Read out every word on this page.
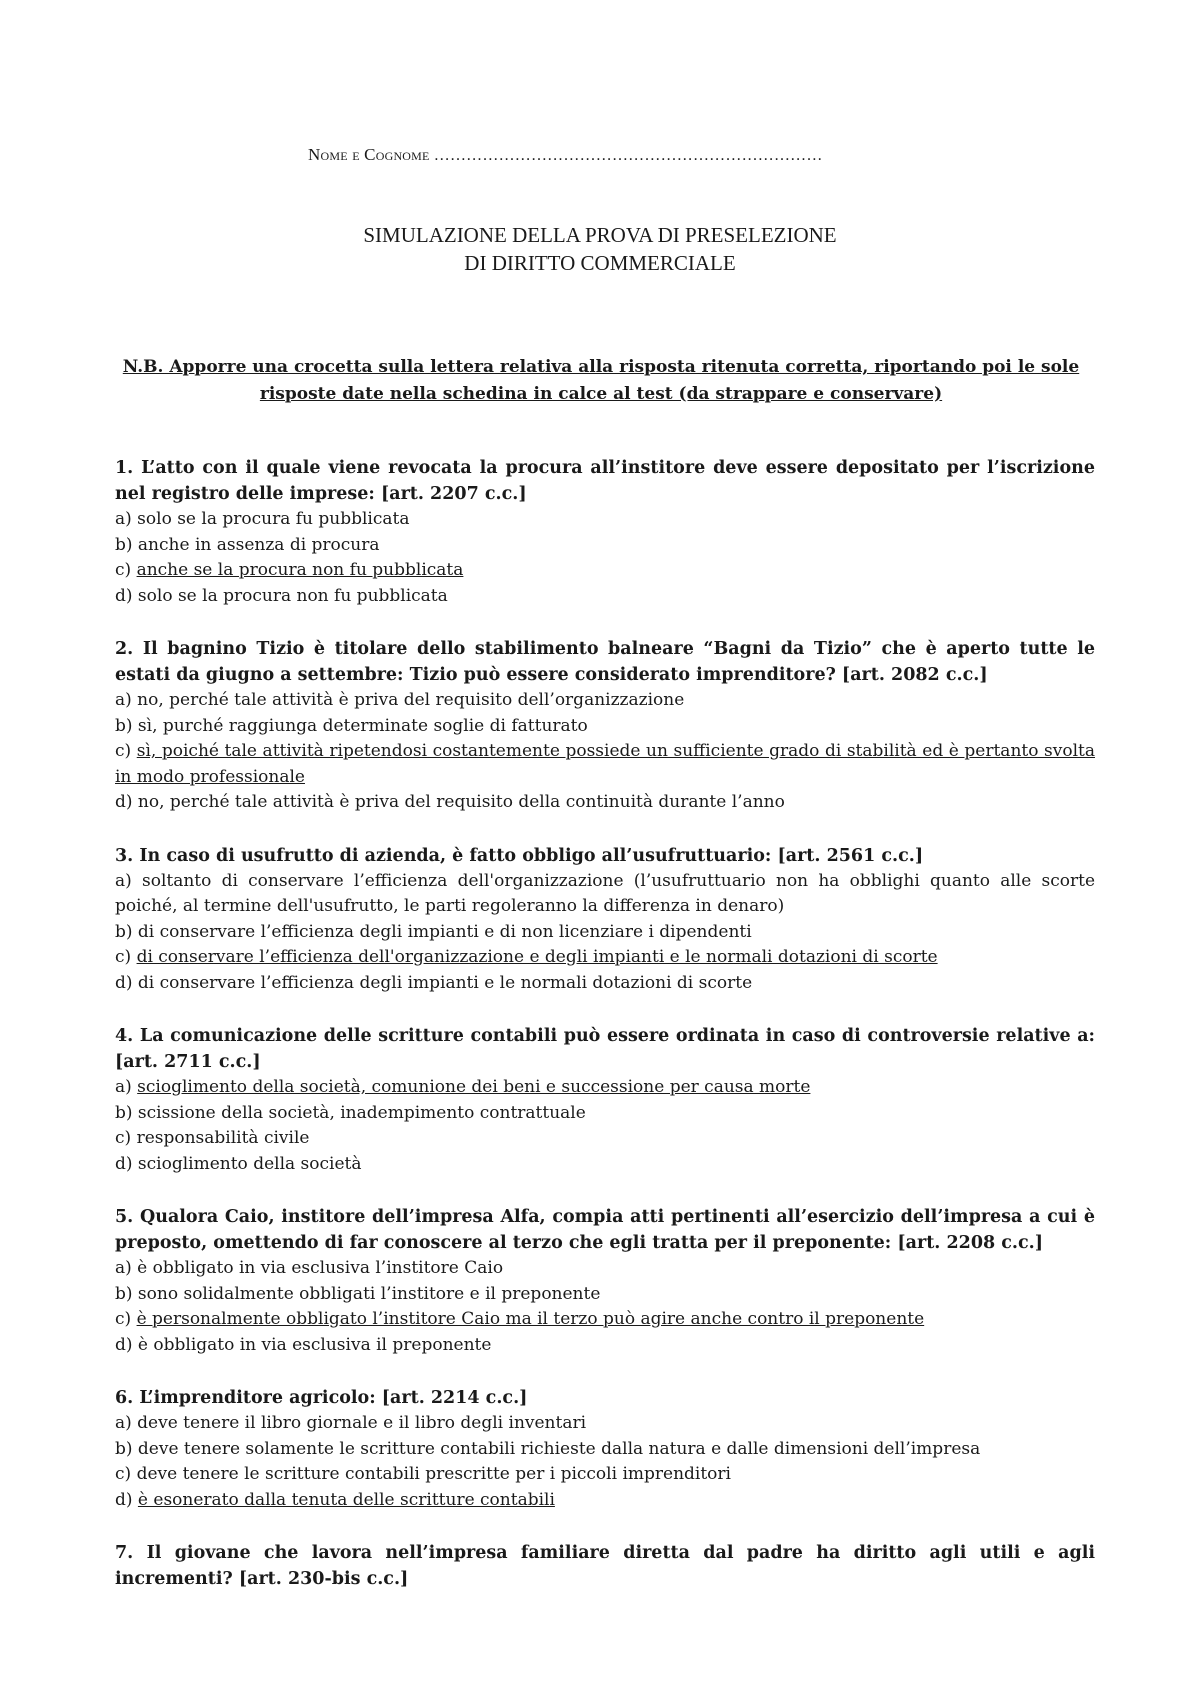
Nome e Cognome ………………………………………………………………
SIMULAZIONE DELLA PROVA DI PRESELEZIONE
DI DIRITTO COMMERCIALE
N.B. Apporre una crocetta sulla lettera relativa alla risposta ritenuta corretta, riportando poi le sole risposte date nella schedina in calce al test (da strappare e conservare)

1. L’atto con il quale viene revocata la procura all’institore deve essere depositato per l’iscrizione nel registro delle imprese: [art. 2207 c.c.]

a) solo se la procura fu pubblicata

b) anche in assenza di procura

c) anche se la procura non fu pubblicata

d) solo se la procura non fu pubblicata

2. Il bagnino Tizio è titolare dello stabilimento balneare “Bagni da Tizio” che è aperto tutte le estati da giugno a settembre: Tizio può essere considerato imprenditore? [art. 2082 c.c.]

a) no, perché tale attività è priva del requisito dell’organizzazione

b) sì, purché raggiunga determinate soglie di fatturato

c) sì, poiché tale attività ripetendosi costantemente possiede un sufficiente grado di stabilità ed è pertanto svolta in modo professionale

d) no, perché tale attività è priva del requisito della continuità durante l’anno

3. In caso di usufrutto di azienda, è fatto obbligo all’usufruttuario: [art. 2561 c.c.]

a) soltanto di conservare l’efficienza dell'organizzazione (l’usufruttuario non ha obblighi quanto alle scorte poiché, al termine dell'usufrutto, le parti regoleranno la differenza in denaro)

b) di conservare l’efficienza degli impianti e di non licenziare i dipendenti

c) di conservare l’efficienza dell'organizzazione e degli impianti e le normali dotazioni di scorte

d) di conservare l’efficienza degli impianti e le normali dotazioni di scorte

4. La comunicazione delle scritture contabili può essere ordinata in caso di controversie relative a: [art. 2711 c.c.]

a) scioglimento della società, comunione dei beni e successione per causa morte

b) scissione della società, inadempimento contrattuale

c) responsabilità civile

d) scioglimento della società

5. Qualora Caio, institore dell’impresa Alfa, compia atti pertinenti all’esercizio dell’impresa a cui è preposto, omettendo di far conoscere al terzo che egli tratta per il preponente: [art. 2208 c.c.]

a) è obbligato in via esclusiva l’institore Caio

b) sono solidalmente obbligati l’institore e il preponente

c) è personalmente obbligato l’institore Caio ma il terzo può agire anche contro il preponente

d) è obbligato in via esclusiva il preponente

6. L’imprenditore agricolo: [art. 2214 c.c.]

a) deve tenere il libro giornale e il libro degli inventari

b) deve tenere solamente le scritture contabili richieste dalla natura e dalle dimensioni dell’impresa

c) deve tenere le scritture contabili prescritte per i piccoli imprenditori

d) è esonerato dalla tenuta delle scritture contabili

7. Il giovane che lavora nell’impresa familiare diretta dal padre ha diritto agli utili e agli incrementi? [art. 230-bis c.c.]
